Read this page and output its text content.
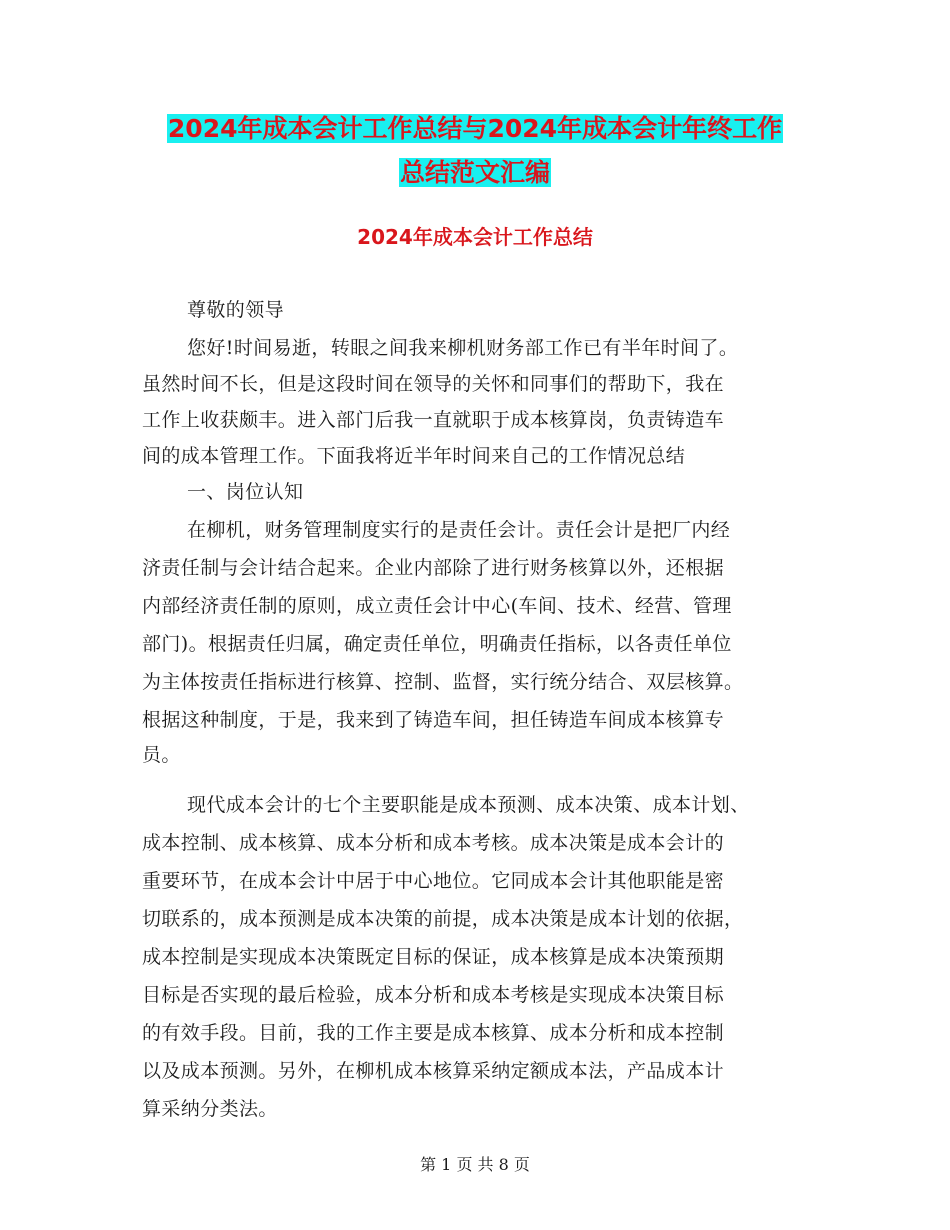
2024年成本会计工作总结与2024年成本会计年终工作
总结范文汇编
2024年成本会计工作总结
尊敬的领导
您好!时间易逝，转眼之间我来柳机财务部工作已有半年时间了。
虽然时间不长，但是这段时间在领导的关怀和同事们的帮助下，我在
工作上收获颇丰。进入部门后我一直就职于成本核算岗，负责铸造车
间的成本管理工作。下面我将近半年时间来自己的工作情况总结
一、岗位认知
在柳机，财务管理制度实行的是责任会计。责任会计是把厂内经
济责任制与会计结合起来。企业内部除了进行财务核算以外，还根据
内部经济责任制的原则，成立责任会计中心(车间、技术、经营、管理
部门)。根据责任归属，确定责任单位，明确责任指标，以各责任单位
为主体按责任指标进行核算、控制、监督，实行统分结合、双层核算。
根据这种制度，于是，我来到了铸造车间，担任铸造车间成本核算专
员。
现代成本会计的七个主要职能是成本预测、成本决策、成本计划、
成本控制、成本核算、成本分析和成本考核。成本决策是成本会计的
重要环节，在成本会计中居于中心地位。它同成本会计其他职能是密
切联系的，成本预测是成本决策的前提，成本决策是成本计划的依据，
成本控制是实现成本决策既定目标的保证，成本核算是成本决策预期
目标是否实现的最后检验，成本分析和成本考核是实现成本决策目标
的有效手段。目前，我的工作主要是成本核算、成本分析和成本控制
以及成本预测。另外，在柳机成本核算采纳定额成本法，产品成本计
算采纳分类法。
第 1 页 共 8 页
